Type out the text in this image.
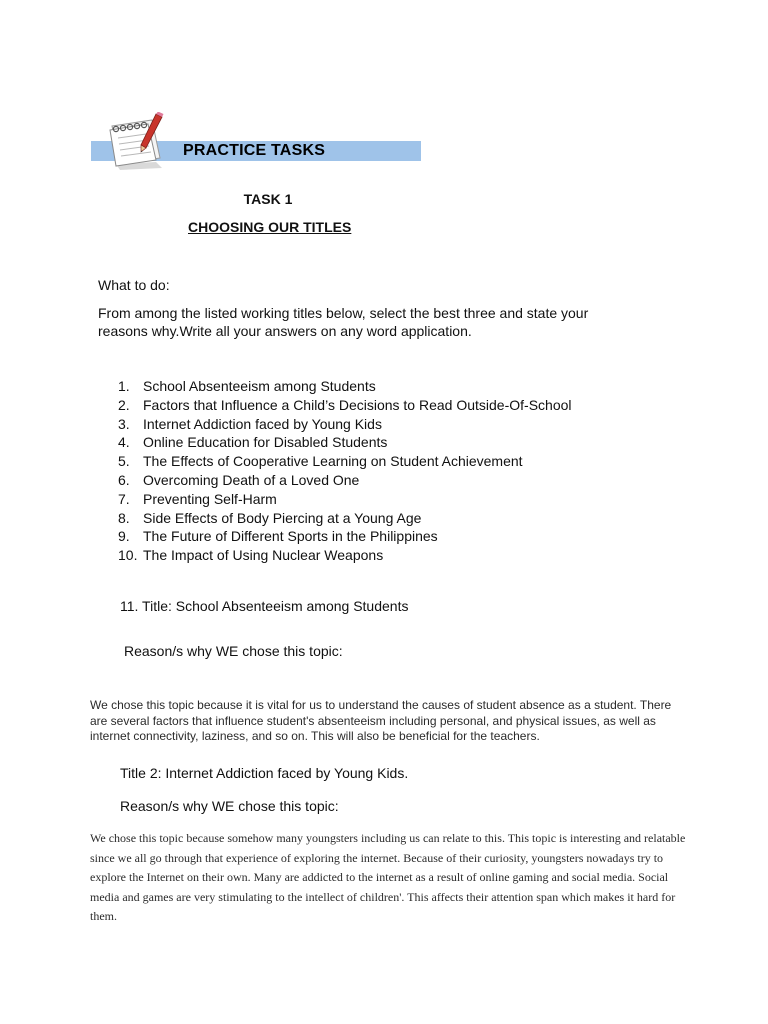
PRACTICE TASKS
TASK 1
CHOOSING OUR TITLES
What to do:
From among the listed working titles below, select the best three and state your reasons why.Write all your answers on any word application.
1. School Absenteeism among Students
2. Factors that Influence a Child’s Decisions to Read Outside-Of-School
3. Internet Addiction faced by Young Kids
4. Online Education for Disabled Students
5. The Effects of Cooperative Learning on Student Achievement
6. Overcoming Death of a Loved One
7. Preventing Self-Harm
8. Side Effects of Body Piercing at a Young Age
9. The Future of Different Sports in the Philippines
10. The Impact of Using Nuclear Weapons
11. Title: School Absenteeism among Students
Reason/s why WE chose this topic:
We chose this topic because it is vital for us to understand the causes of student absence as a student. There are several factors that influence student's absenteeism including personal, and physical issues, as well as internet connectivity, laziness, and so on. This will also be beneficial for the teachers.
Title 2: Internet Addiction faced by Young Kids.
Reason/s why WE chose this topic:
We chose this topic because somehow many youngsters including us can relate to this. This topic is interesting and relatable since we all go through that experience of exploring the internet. Because of their curiosity, youngsters nowadays try to explore the Internet on their own. Many are addicted to the internet as a result of online gaming and social media. Social media and games are very stimulating to the intellect of children'. This affects their attention span which makes it hard for them.
